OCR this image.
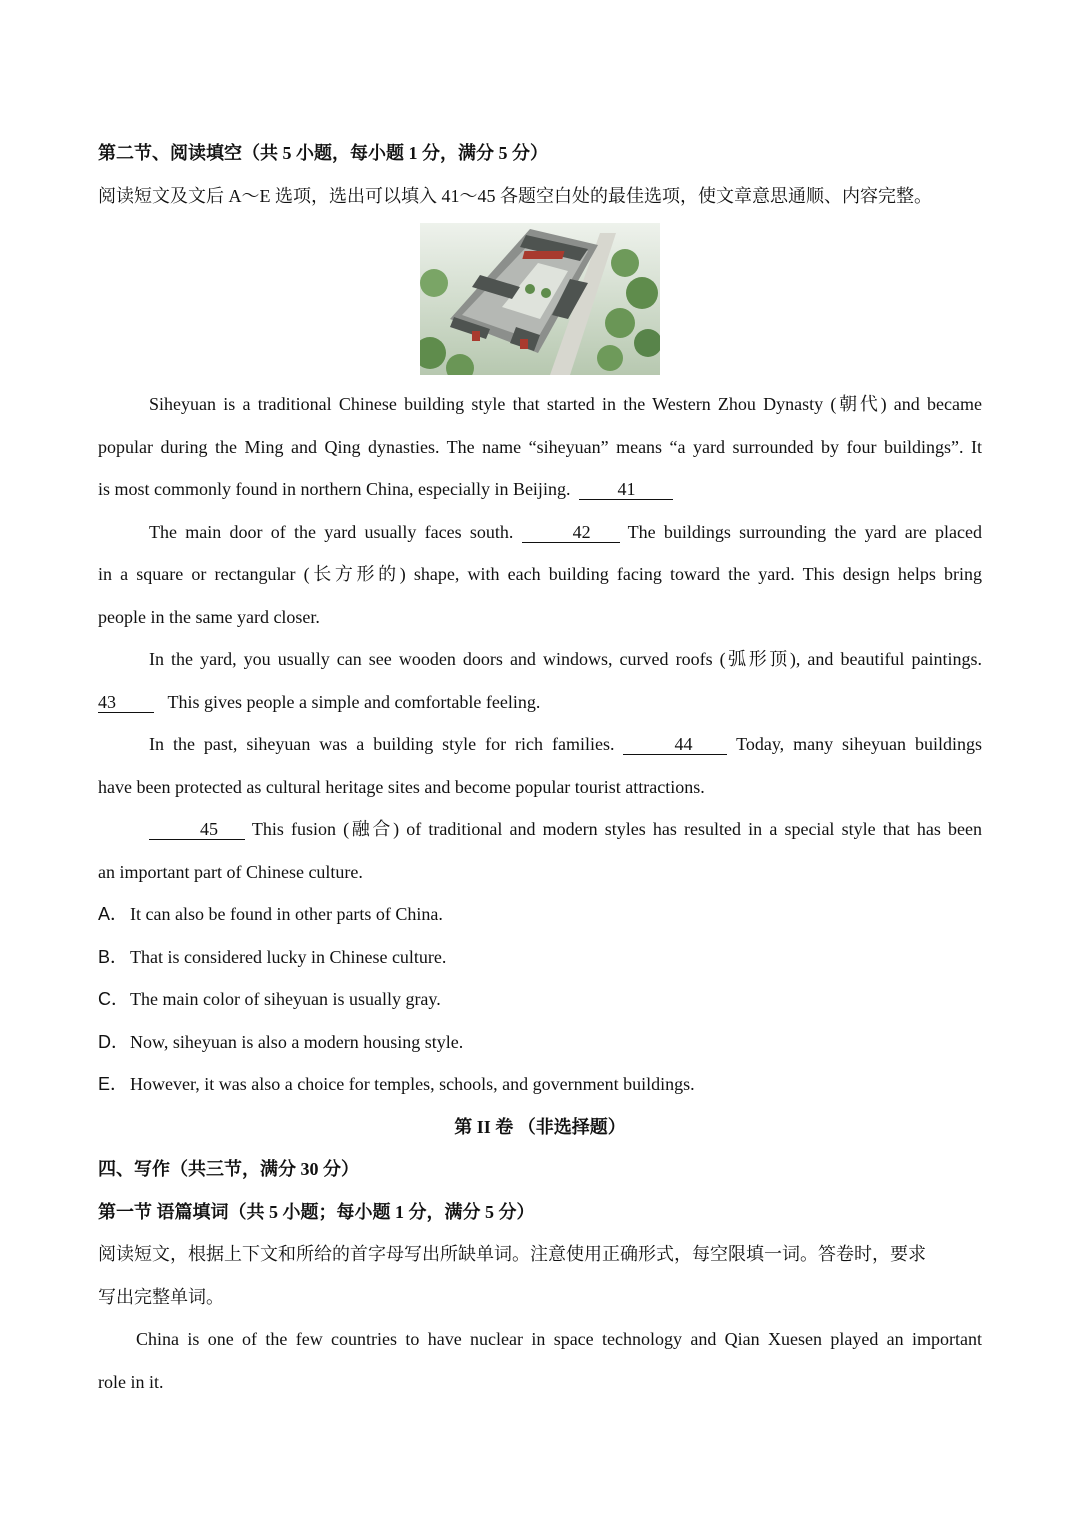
第二节、阅读填空（共 5 小题，每小题 1 分，满分 5 分）

阅读短文及文后 A～E 选项，选出可以填入 41～45 各题空白处的最佳选项，使文章意思通顺、内容完整。

Siheyuan is a traditional Chinese building style that started in the Western Zhou Dynasty (朝代) and became

popular during the Ming and Qing dynasties. The name “siheyuan” means “a yard surrounded by four buildings”. It

is most commonly found in northern China, especially in Beijing.	41

The main door of the yard usually faces south.	42 The buildings surrounding the yard are placed

in a square or rectangular (长方形的) shape, with each building facing toward the yard. This design helps bring

people in the same yard closer.

In the yard, you usually can see wooden doors and windows, curved roofs (弧形顶), and beautiful paintings.

43	This gives people a simple and comfortable feeling.

In the past, siheyuan was a building style for rich families.	44 Today, many siheyuan buildings

have been protected as cultural heritage sites and become popular tourist attractions.

45 This fusion (融合) of traditional and modern styles has resulted in a special style that has been

an important part of Chinese culture.

A． It can also be found in other parts of China.

B． That is considered lucky in Chinese culture.

C．The main color of siheyuan is usually gray.

D．Now, siheyuan is also a modern housing style.

E． However, it was also a choice for temples, schools, and government buildings.

第 II 卷 （非选择题）

四、写作（共三节，满分 30 分）

第一节 语篇填词（共 5 小题；每小题 1 分，满分 5 分）

阅读短文，根据上下文和所给的首字母写出所缺单词。注意使用正确形式，每空限填一词。答卷时，要求

写出完整单词。

China is one of the few countries to have nuclear in space technology and Qian Xuesen played an important

role in it.
